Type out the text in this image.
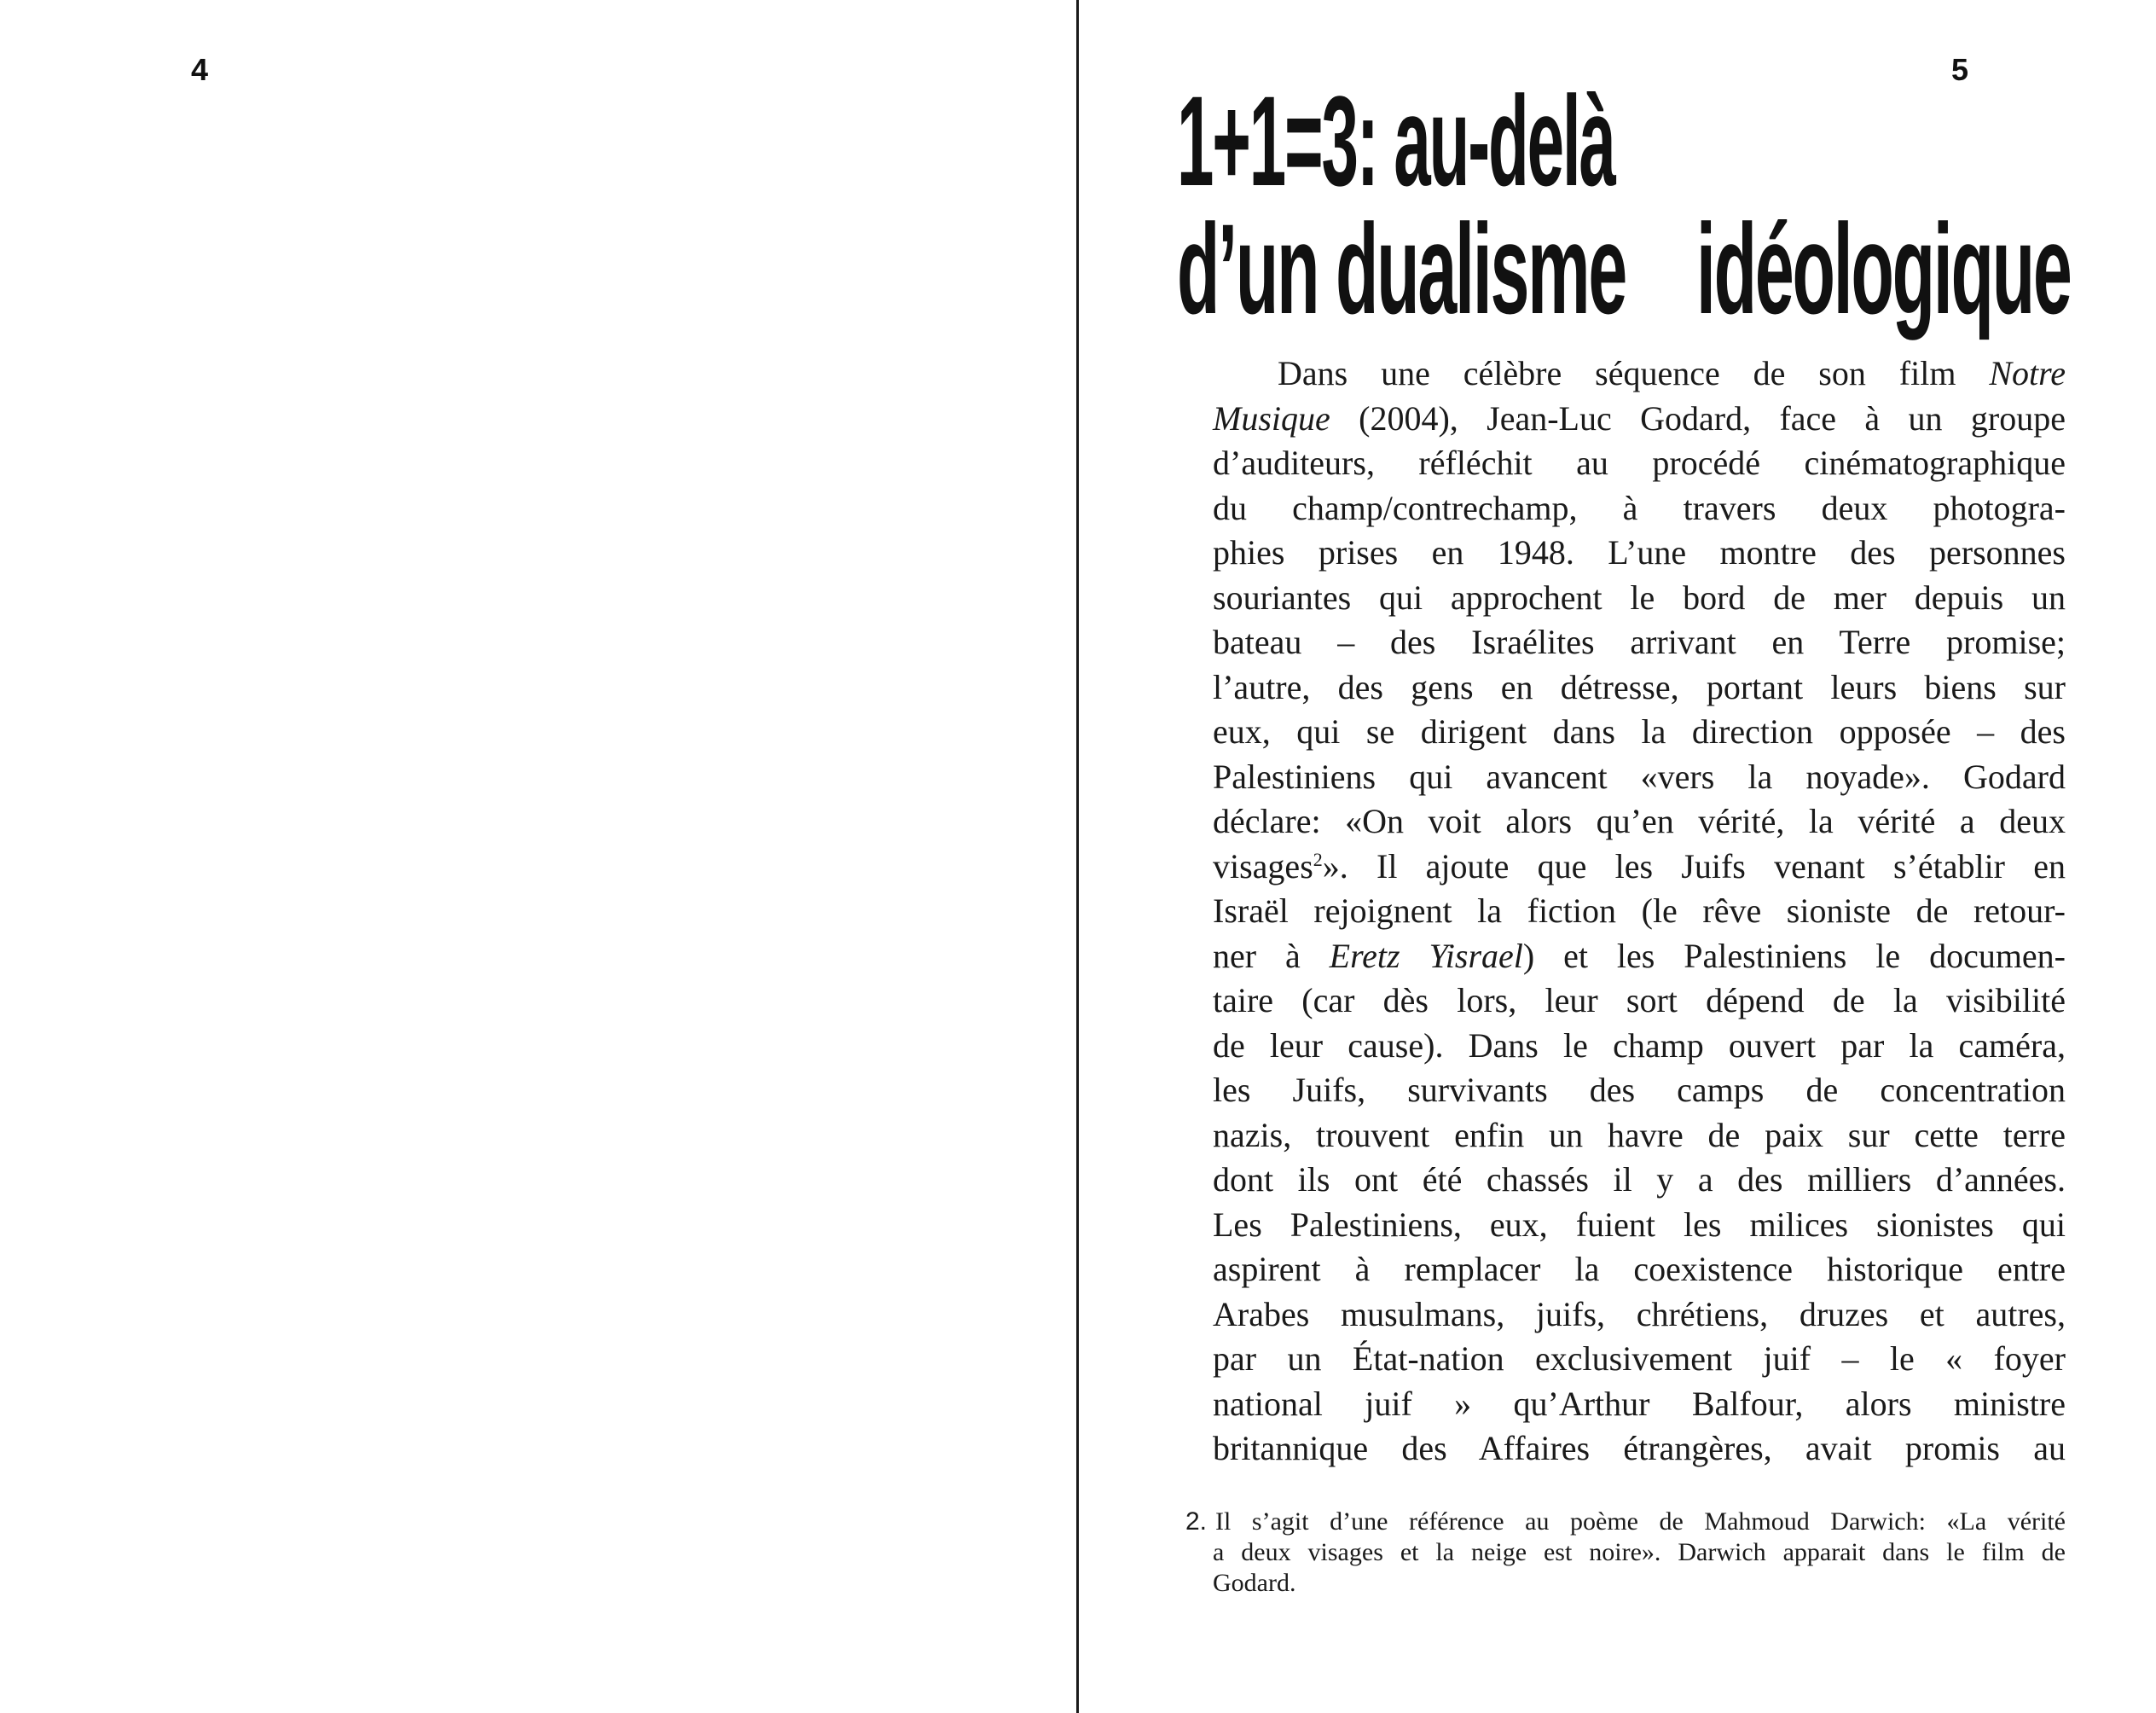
4	5
1+1=3: au-delà
d’un dualisme    idéologique
Dans une célèbre séquence de son film Notre
Musique (2004), Jean-Luc Godard, face à un groupe
d’auditeurs, réfléchit au procédé cinématographique
du champ/contrechamp, à travers deux photogra-
phies prises en 1948. L’une montre des personnes
souriantes qui approchent le bord de mer depuis un
bateau – des Israélites arrivant en Terre promise;
l’autre, des gens en détresse, portant leurs biens sur
eux, qui se dirigent dans la direction opposée – des
Palestiniens qui avancent «vers la noyade». Godard
déclare: «On voit alors qu’en vérité, la vérité a deux
visages$^2$». Il ajoute que les Juifs venant s’établir en
Israël rejoignent la fiction (le rêve sioniste de retour-
ner à Eretz Yisrael) et les Palestiniens le documen-
taire (car dès lors, leur sort dépend de la visibilité
de leur cause). Dans le champ ouvert par la caméra,
les Juifs, survivants des camps de concentration
nazis, trouvent enfin un havre de paix sur cette terre
dont ils ont été chassés il y a des milliers d’années.
Les Palestiniens, eux, fuient les milices sionistes qui
aspirent à remplacer la coexistence historique entre
Arabes musulmans, juifs, chrétiens, druzes et autres,
par un État-nation exclusivement juif – le « foyer
national juif » qu’Arthur Balfour, alors ministre
britannique des Affaires étrangères, avait promis au
2. Il s’agit d’une référence au poème de Mahmoud Darwich: «La vérité
a deux visages et la neige est noire». Darwich apparait dans le film de
Godard.
